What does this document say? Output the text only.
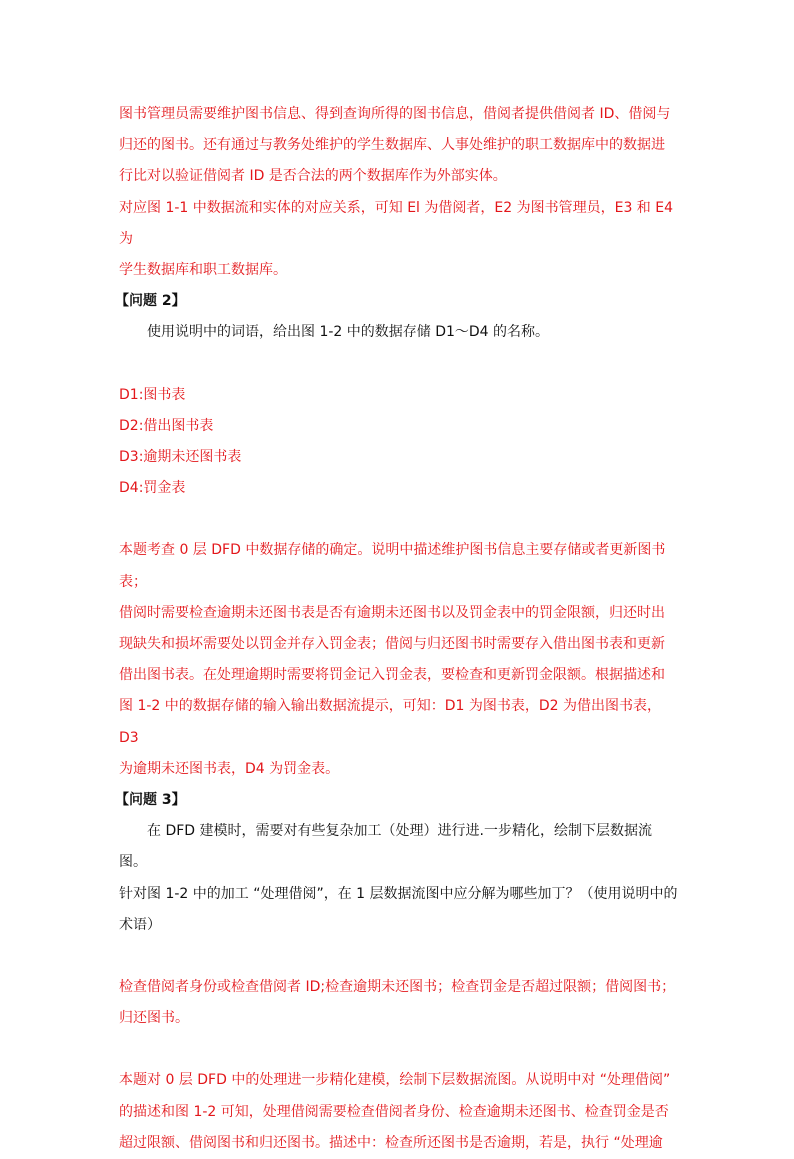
图书管理员需要维护图书信息、得到查询所得的图书信息，借阅者提供借阅者 ID、借阅与

归还的图书。还有通过与教务处维护的学生数据库、人事处维护的职工数据库中的数据进

行比对以验证借阅者 ID 是否合法的两个数据库作为外部实体。

对应图 1-1 中数据流和实体的对应关系，可知 El 为借阅者，E2 为图书管理员，E3 和 E4 为

学生数据库和职工数据库。

【问题 2】

使用说明中的词语，给出图 1-2 中的数据存储 D1～D4 的名称。

D1:图书表

D2:借出图书表

D3:逾期未还图书表

D4:罚金表

本题考查 0 层 DFD 中数据存储的确定。说明中描述维护图书信息主要存储或者更新图书表；

借阅时需要检查逾期未还图书表是否有逾期未还图书以及罚金表中的罚金限额，归还时出

现缺失和损坏需要处以罚金并存入罚金表；借阅与归还图书时需要存入借出图书表和更新

借出图书表。在处理逾期时需要将罚金记入罚金表，要检查和更新罚金限额。根据描述和

图 1-2 中的数据存储的输入输出数据流提示，可知：D1 为图书表，D2 为借出图书表，D3

为逾期未还图书表，D4 为罚金表。

【问题 3】

在 DFD 建模时，需要对有些复杂加工（处理）进行进.一步精化，绘制下层数据流图。

针对图 1-2 中的加工 “处理借阅”，在 1 层数据流图中应分解为哪些加丁？（使用说明中的

术语）

检查借阅者身份或检查借阅者 ID;检查逾期未还图书；检查罚金是否超过限额；借阅图书；

归还图书。

本题对 0 层 DFD 中的处理进一步精化建模，绘制下层数据流图。从说明中对 “处理借阅”

的描述和图 1-2 可知，处理借阅需要检查借阅者身份、检查逾期未还图书、检查罚金是否

超过限额、借阅图书和归还图书。描述中：检查所还图书是否逾期，若是，执行 “处理逾
